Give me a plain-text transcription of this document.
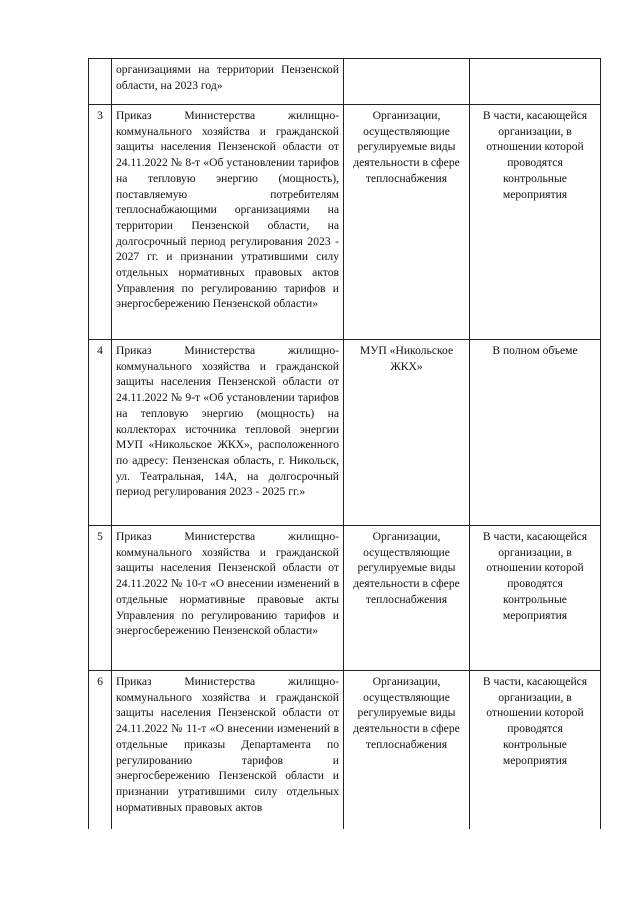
	организациями на территории Пензенской области, на 2023 год»		
3	Приказ Министерства жилищно-коммунального хозяйства и гражданской защиты населения Пензенской области от 24.11.2022 № 8-т «Об установлении тарифов на тепловую энергию (мощность), поставляемую потребителям теплоснабжающими организациями на территории Пензенской области, на долгосрочный период регулирования 2023 - 2027 гг. и признании утратившими силу отдельных нормативных правовых актов Управления по регулированию тарифов и энергосбережению Пензенской области»	Организации, осуществляющие регулируемые виды деятельности в сфере теплоснабжения	В части, касающейся организации, в отношении которой проводятся контрольные мероприятия
4	Приказ Министерства жилищно-коммунального хозяйства и гражданской защиты населения Пензенской области от 24.11.2022 № 9-т «Об установлении тарифов на тепловую энергию (мощность) на коллекторах источника тепловой энергии МУП «Никольское ЖКХ», расположенного по адресу: Пензенская область, г. Никольск, ул. Театральная, 14А, на долгосрочный период регулирования 2023 - 2025 гг.»	МУП «Никольское ЖКХ»	В полном объеме
5	Приказ Министерства жилищно-коммунального хозяйства и гражданской защиты населения Пензенской области от 24.11.2022 № 10-т «О внесении изменений в отдельные нормативные правовые акты Управления по регулированию тарифов и энергосбережению Пензенской области»	Организации, осуществляющие регулируемые виды деятельности в сфере теплоснабжения	В части, касающейся организации, в отношении которой проводятся контрольные мероприятия
6	Приказ Министерства жилищно-коммунального хозяйства и гражданской защиты населения Пензенской области от 24.11.2022 № 11-т «О внесении изменений в отдельные приказы Департамента по регулированию тарифов и энергосбережению Пензенской области и признании утратившими силу отдельных нормативных правовых актов	Организации, осуществляющие регулируемые виды деятельности в сфере теплоснабжения	В части, касающейся организации, в отношении которой проводятся контрольные мероприятия
